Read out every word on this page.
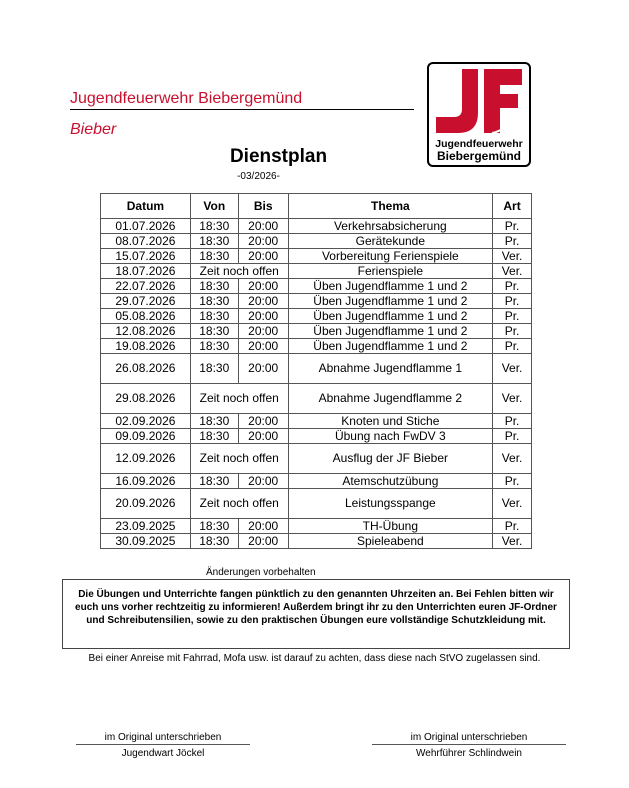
Jugendfeuerwehr Biebergemünd
Bieber
Jugendfeuerwehr
Biebergemünd
Dienstplan
-03/2026-
Datum	Von	Bis	Thema	Art
01.07.2026	18:30	20:00	Verkehrsabsicherung	Pr.
08.07.2026	18:30	20:00	Gerätekunde	Pr.
15.07.2026	18:30	20:00	Vorbereitung Ferienspiele	Ver.
18.07.2026	Zeit noch offen		Ferienspiele	Ver.
22.07.2026	18:30	20:00	Üben Jugendflamme 1 und 2	Pr.
29.07.2026	18:30	20:00	Üben Jugendflamme 1 und 2	Pr.
05.08.2026	18:30	20:00	Üben Jugendflamme 1 und 2	Pr.
12.08.2026	18:30	20:00	Üben Jugendflamme 1 und 2	Pr.
19.08.2026	18:30	20:00	Üben Jugendflamme 1 und 2	Pr.
26.08.2026	18:30	20:00	Abnahme Jugendflamme 1	Ver.
29.08.2026	Zeit noch offen		Abnahme Jugendflamme 2	Ver.
02.09.2026	18:30	20:00	Knoten und Stiche	Pr.
09.09.2026	18:30	20:00	Übung nach FwDV 3	Pr.
12.09.2026	Zeit noch offen		Ausflug der JF Bieber	Ver.
16.09.2026	18:30	20:00	Atemschutzübung	Pr.
20.09.2026	Zeit noch offen		Leistungsspange	Ver.
23.09.2025	18:30	20:00	TH-Übung	Pr.
30.09.2025	18:30	20:00	Spieleabend	Ver.
Änderungen vorbehalten
Die Übungen und Unterrichte fangen pünktlich zu den genannten Uhrzeiten an. Bei Fehlen bitten wir euch uns vorher rechtzeitig zu informieren! Außerdem bringt ihr zu den Unterrichten euren JF-Ordner und Schreibutensilien, sowie zu den praktischen Übungen eure vollständige Schutzkleidung mit.
Bei einer Anreise mit Fahrrad, Mofa usw. ist darauf zu achten, dass diese nach StVO zugelassen sind.
im Original unterschrieben
Jugendwart Jöckel
im Original unterschrieben
Wehrführer Schlindwein
